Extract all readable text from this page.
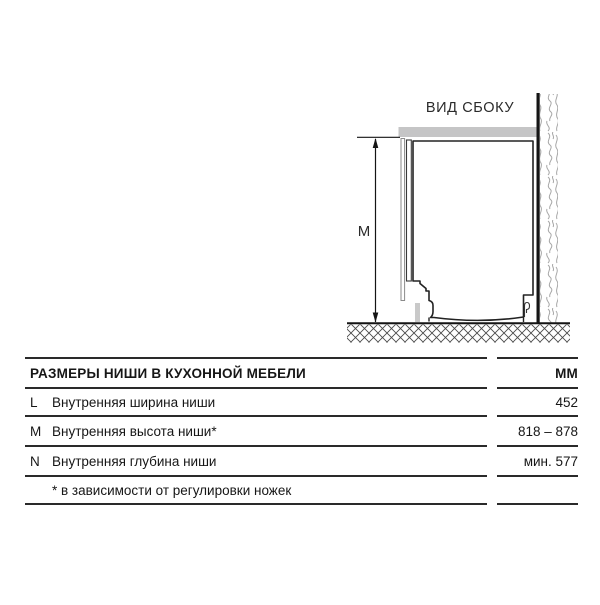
ВИД СБОКУ
M
РАЗМЕРЫ НИШИ В КУХОННОЙ МЕБЕЛИ	ММ
L	Внутренняя ширина ниши	452
M Внутренняя высота ниши*	818 – 878
N Внутренняя глубина ниши	мин. 577
* в зависимости от регулировки ножек
